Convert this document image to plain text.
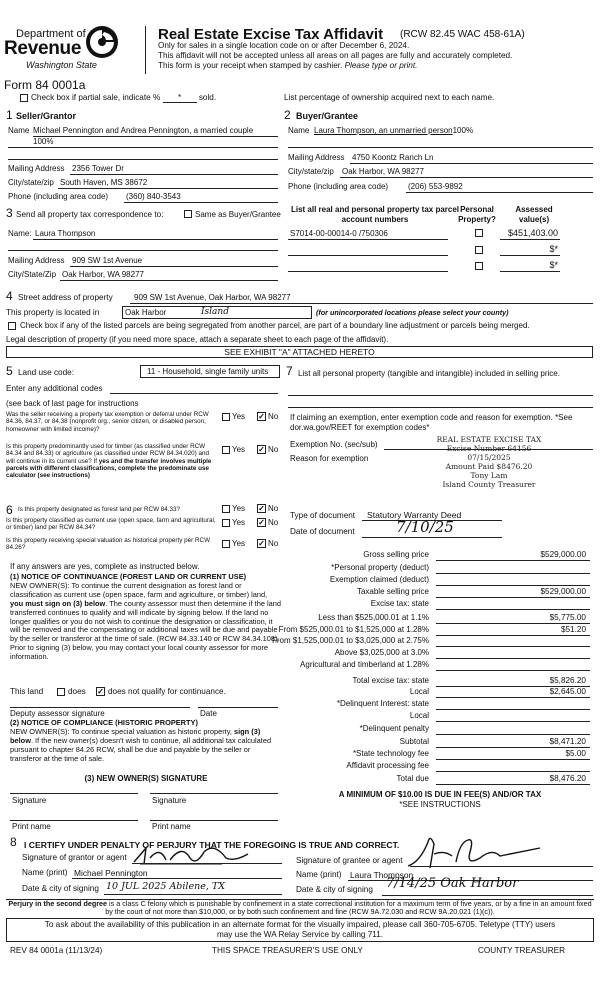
Department of
Revenue
Washington State
Form 84 0001a
Real Estate Excise Tax Affidavit (RCW 82.45 WAC 458-61A)
Only for sales in a single location code on or after December 6, 2024.
This affidavit will not be accepted unless all areas on all pages are fully and accurately completed.
This form is your receipt when stamped by cashier. Please type or print.
Check box if partial sale, indicate % * sold.	List percentage of ownership acquired next to each name.
1 Seller/Grantor
Name Michael Pennington and Andrea Pennington, a married couple
100%
Mailing Address 2356 Tower Dr
City/state/zip South Haven, MS 38672
Phone (including area code) (360) 840-3543
2 Buyer/Grantee
Name Laura Thompson, an unmarried person100%
Mailing Address 4750 Koontz Ranch Ln
City/state/zip Oak Harbor, WA 98277
Phone (including area code) (206) 553-9892
3 Send all property tax correspondence to:	Same as Buyer/Grantee
Name: Laura Thompson
Mailing Address 909 SW 1st Avenue
City/State/Zip Oak Harbor, WA 98277
List all real and personal property tax parcel account numbers
Personal Property?
Assessed value(s)
S7014-00-00014-0 /750306	$451,403.00
$*
$*
4 Street address of property	909 SW 1st Avenue, Oak Harbor, WA 98277
This property is located in	Oak Harbor	Island	(for unincorporated locations please select your county)
Check box if any of the listed parcels are being segregated from another parcel, are part of a boundary line adjustment or parcels being merged.
Legal description of property (if you need more space, attach a separate sheet to each page of the affidavit).
SEE EXHIBIT "A" ATTACHED HERETO
5 Land use code:	11 - Household, single family units
Enter any additional codes
(see back of last page for instructions
Was the seller receiving a property tax exemption or deferral under RCW 84.36, 84.37, or 84.38 (nonprofit org., senior citizen, or disabled person, homeowner with limited income)?
Yes ✓ No
Is this property predominantly used for timber (as classified under RCW 84.34 and 84.33) or agriculture (as classified under RCW 84.34.020) and will continue in its current use? If yes and the transfer involves multiple parcels with different classifications, complete the predominate use calculator (see instructions)
Yes ✓ No
7 List all personal property (tangible and intangible) included in selling price.
If claiming an exemption, enter exemption code and reason for exemption. *See dor.wa.gov/REET for exemption codes*
Exemption No. (sec/sub)
Reason for exemption
REAL ESTATE EXCISE TAX
Excise Number 64156
07/15/2025
Amount Paid $8476.20
Tony Lam
Island County Treasurer
6 Is this property designated as forest land per RCW 84.33?	Yes ✓ No
Is this property classified as current use (open space, farm and agricultural, or timber) land per RCW 84.34?
Yes ✓ No
Is this property receiving special valuation as historical property per RCW 84.26?	Yes ✓ No
If any answers are yes, complete as instructed below.
(1) NOTICE OF CONTINUANCE (FOREST LAND OR CURRENT USE)
NEW OWNER(S): To continue the current designation as forest land or classification as current use (open space, farm and agriculture, or timber) land, you must sign on (3) below. The county assessor must then determine if the land transferred continues to qualify and will indicate by signing below. If the land no longer qualifies or you do not wish to continue the designation or classification, it will be removed and the compensating or additional taxes will be due and payable by the seller or transferor at the time of sale. (RCW 84.33.140 or RCW 84.34.108). Prior to signing (3) below, you may contact your local county assessor for more information.
This land	does ✓ does not qualify for continuance.
Deputy assessor signature	Date
(2) NOTICE OF COMPLIANCE (HISTORIC PROPERTY)
NEW OWNER(S): To continue special valuation as historic property, sign (3) below. If the new owner(s) doesn't wish to continue, all additional tax calculated pursuant to chapter 84.26 RCW, shall be due and payable by the seller or transferor at the time of sale.
(3) NEW OWNER(S) SIGNATURE
Signature	Signature
Print name	Print name
Type of document Statutory Warranty Deed
Date of document	7/10/25
Gross selling price	$529,000.00
*Personal property (deduct)
Exemption claimed (deduct)
Taxable selling price	$529,000.00
Excise tax: state
Less than $525,000.01 at 1.1%	$5,775.00
From $525,000.01 to $1,525,000 at 1.28%	$51.20
From $1,525,000.01 to $3,025,000 at 2.75%
Above $3,025,000 at 3.0%
Agricultural and timberland at 1.28%
Total excise tax: state	$5,826.20
Local	$2,645.00
*Delinquent Interest: state
Local
*Delinquent penalty
Subtotal	$8,471.20
*State technology fee	$5.00
Affidavit processing fee
Total due	$8,476.20
A MINIMUM OF $10.00 IS DUE IN FEE(S) AND/OR TAX
*SEE INSTRUCTIONS
8 I CERTIFY UNDER PENALTY OF PERJURY THAT THE FOREGOING IS TRUE AND CORRECT.
Signature of grantor or agent
Name (print) Michael Pennington
Date & city of signing 10 JUL 2025 Abilene, TX
Signature of grantee or agent
Name (print) Laura Thompson
Date & city of signing 7/14/25 Oak Harbor
Perjury in the second degree is a class C felony which is punishable by confinement in a state correctional institution for a maximum term of five years, or by a fine in an amount fixed by the court of not more than $10,000, or by both such confinement and fine (RCW 9A.72.030 and RCW 9A.20.021 (1)(c)).
To ask about the availability of this publication in an alternate format for the visually impaired, please call 360-705-6705. Teletype (TTY) users may use the WA Relay Service by calling 711.
REV 84 0001a (11/13/24)	THIS SPACE TREASURER'S USE ONLY	COUNTY TREASURER
